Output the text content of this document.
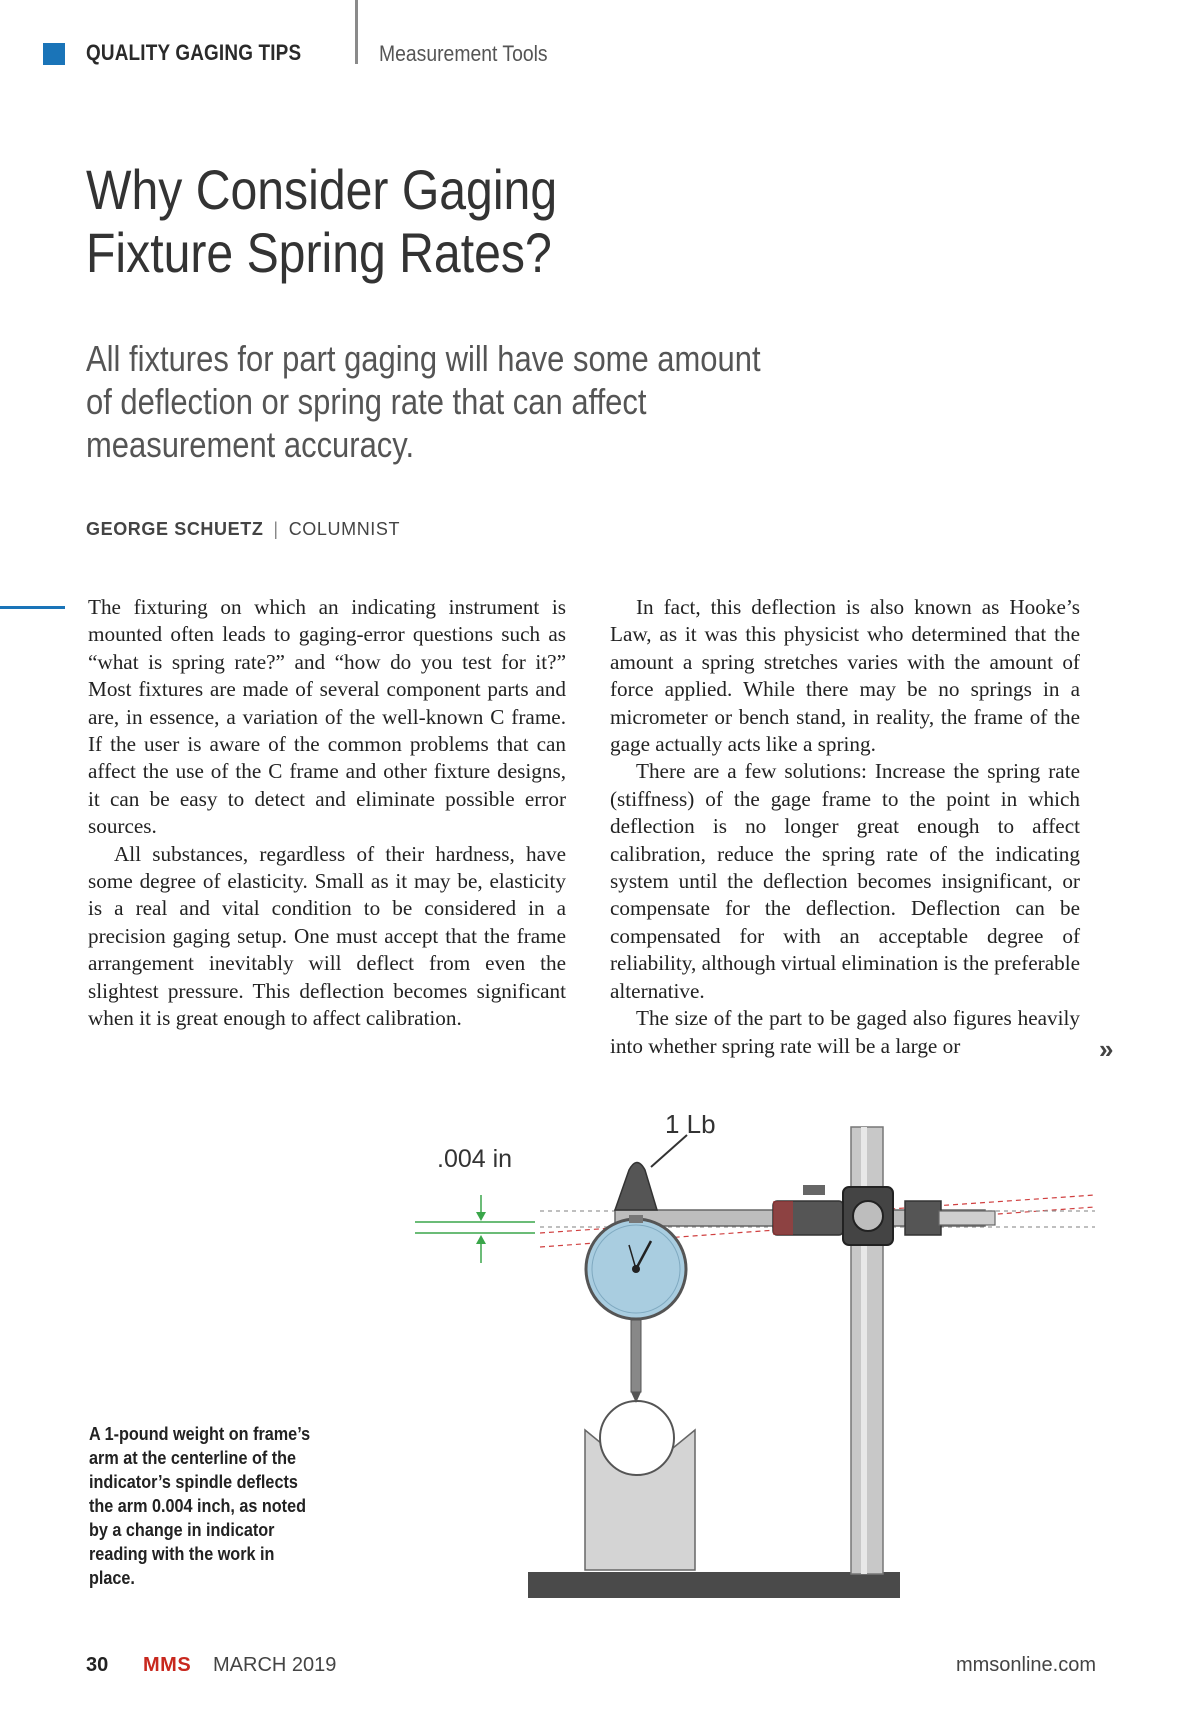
QUALITY GAGING TIPS	Measurement Tools
Why Consider Gaging
Fixture Spring Rates?

All fixtures for part gaging will have some amount of deflection or spring rate that can affect measurement accuracy.

GEORGE SCHUETZ | COLUMNIST

The fixturing on which an indicating instrument is mounted often leads to gaging-error questions such as “what is spring rate?” and “how do you test for it?” Most fixtures are made of several component parts and are, in essence, a variation of the well-known C frame. If the user is aware of the common problems that can affect the use of the C frame and other fixture designs, it can be easy to detect and eliminate possible error sources.

All substances, regardless of their hardness, have some degree of elasticity. Small as it may be, elasticity is a real and vital condition to be considered in a precision gaging setup. One must accept that the frame arrangement inevitably will deflect from even the slightest pressure. This deflection becomes significant when it is great enough to affect calibration.

In fact, this deflection is also known as Hooke’s Law, as it was this physicist who determined that the amount a spring stretches varies with the amount of force applied. While there may be no springs in a micrometer or bench stand, in reality, the frame of the gage actually acts like a spring.

There are a few solutions: Increase the spring rate (stiffness) of the gage frame to the point in which deflection is no longer great enough to affect calibration, reduce the spring rate of the indicating system until the deflection becomes insignificant, or compensate for the deflection. Deflection can be compensated for with an acceptable degree of reliability, although virtual elimination is the preferable alternative.

The size of the part to be gaged also figures heavily into whether spring rate will be a large or	»
1 Lb
.004 in
A 1-pound weight on frame’s arm at the centerline of the indicator’s spindle deflects the arm 0.004 inch, as noted by a change in indicator reading with the work in place.
30 MMS MARCH 2019	mmsonline.com
